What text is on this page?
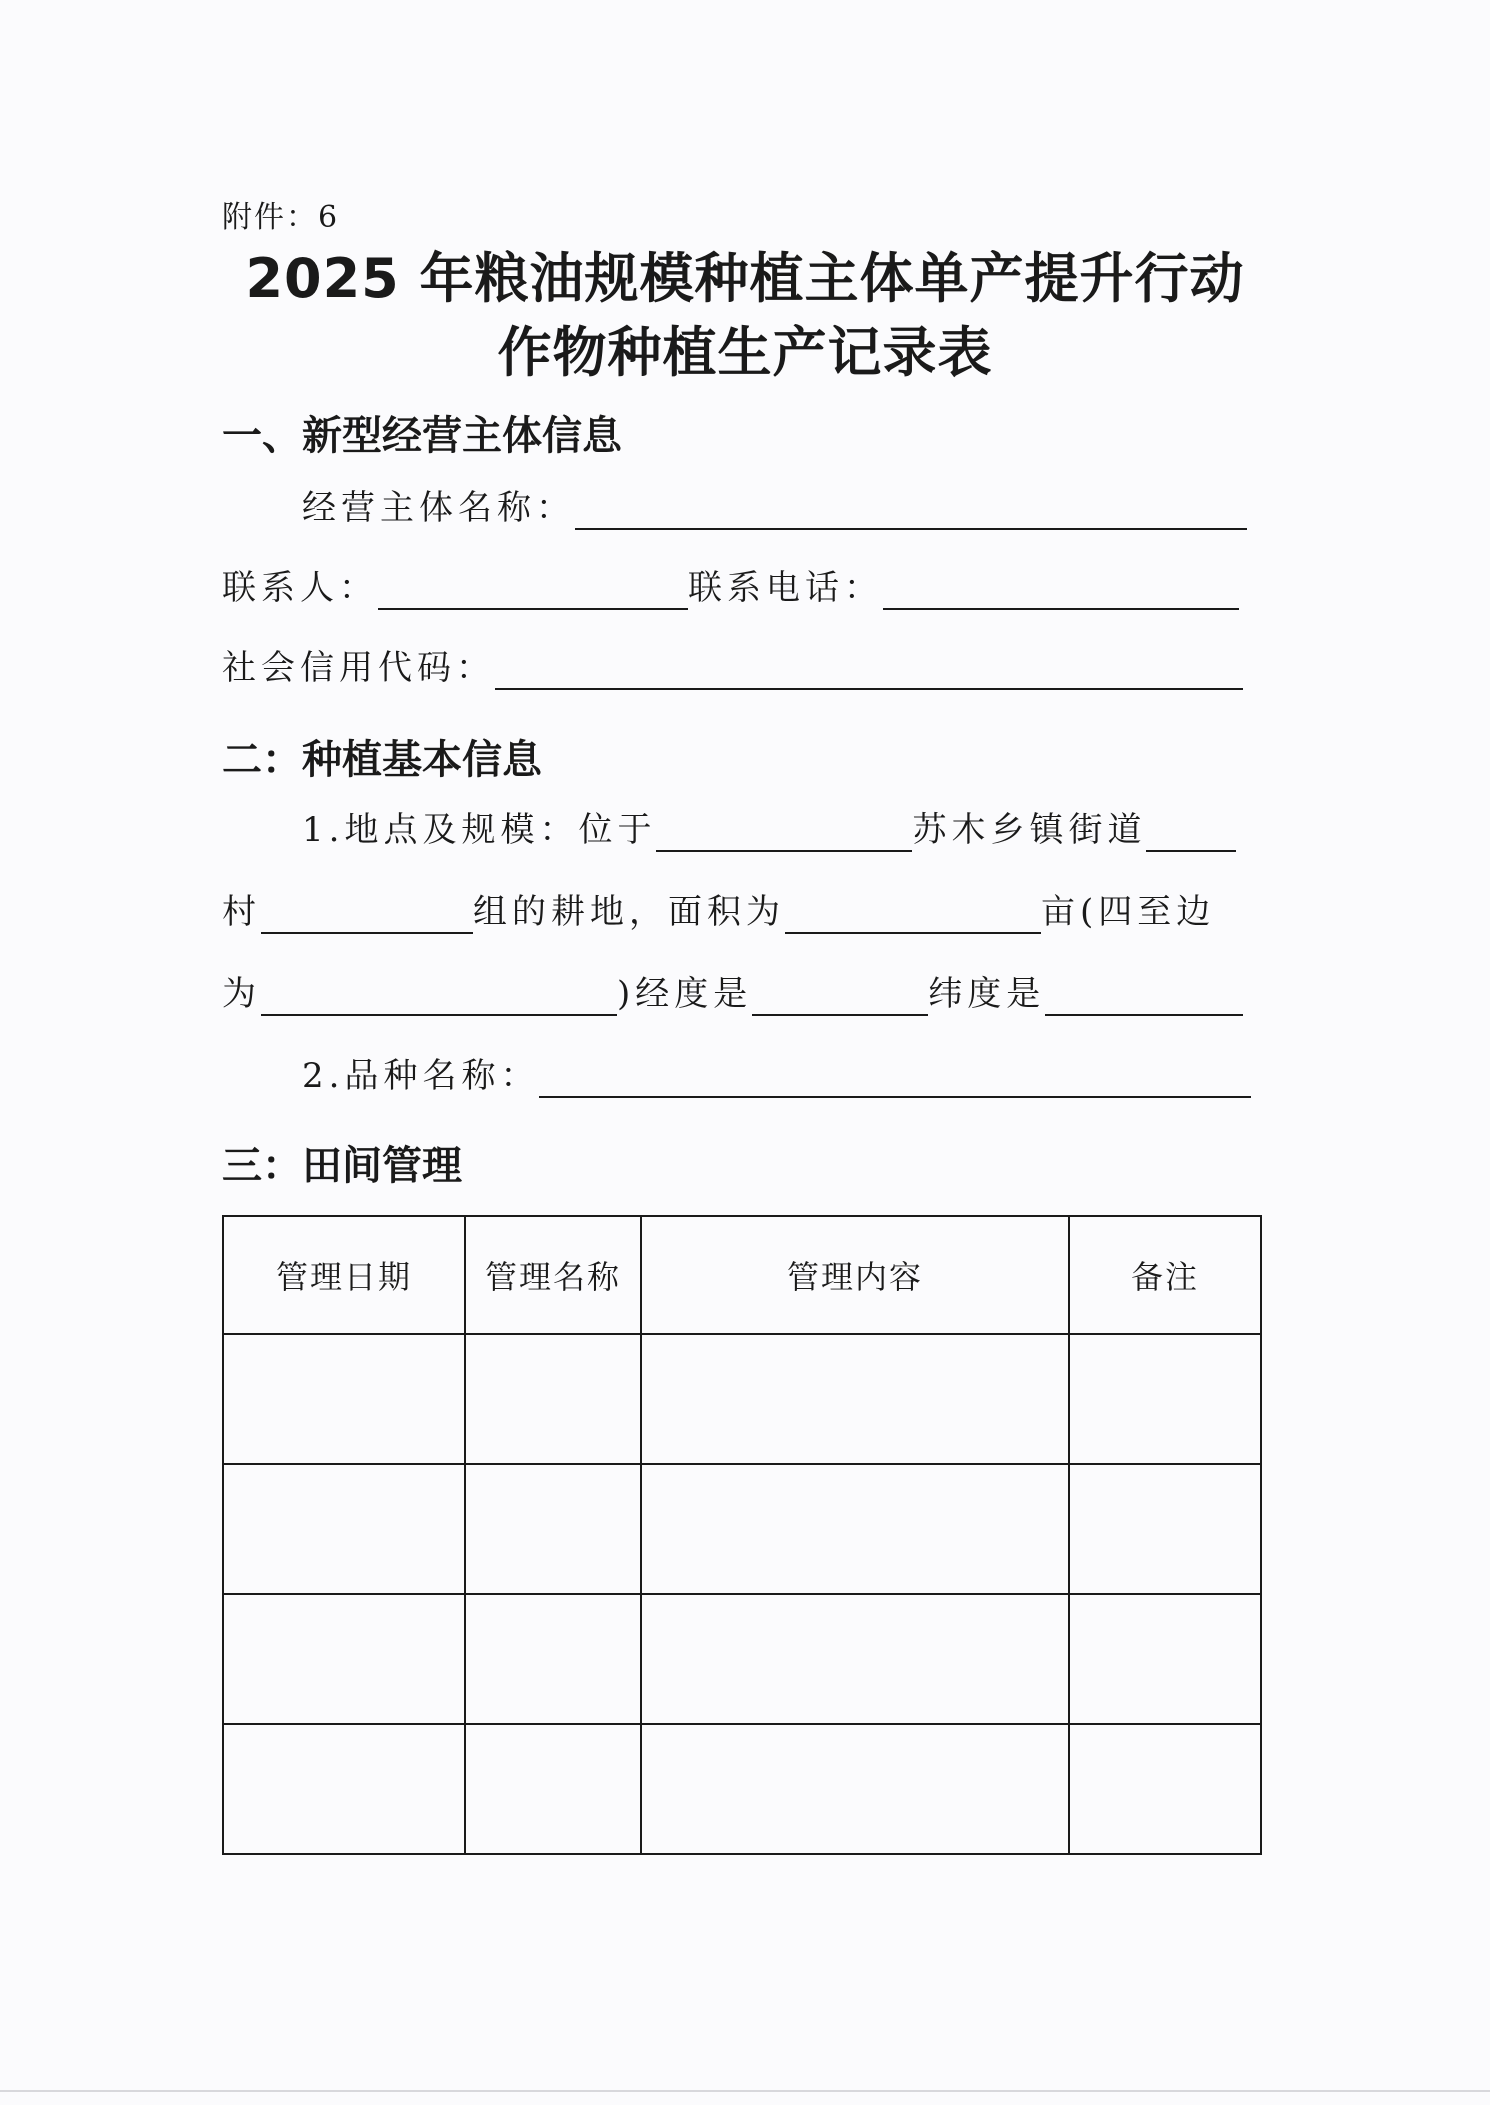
附件：6
2025 年粮油规模种植主体单产提升行动
作物种植生产记录表
一、新型经营主体信息
经营主体名称：
联系人：	联系电话：
社会信用代码：
二：种植基本信息
1.地点及规模：位于	苏木乡镇街道
村	组的耕地，面积为	亩(四至边
为	)经度是	纬度是
2.品种名称：
三：田间管理
管理日期	管理名称	管理内容	备注
